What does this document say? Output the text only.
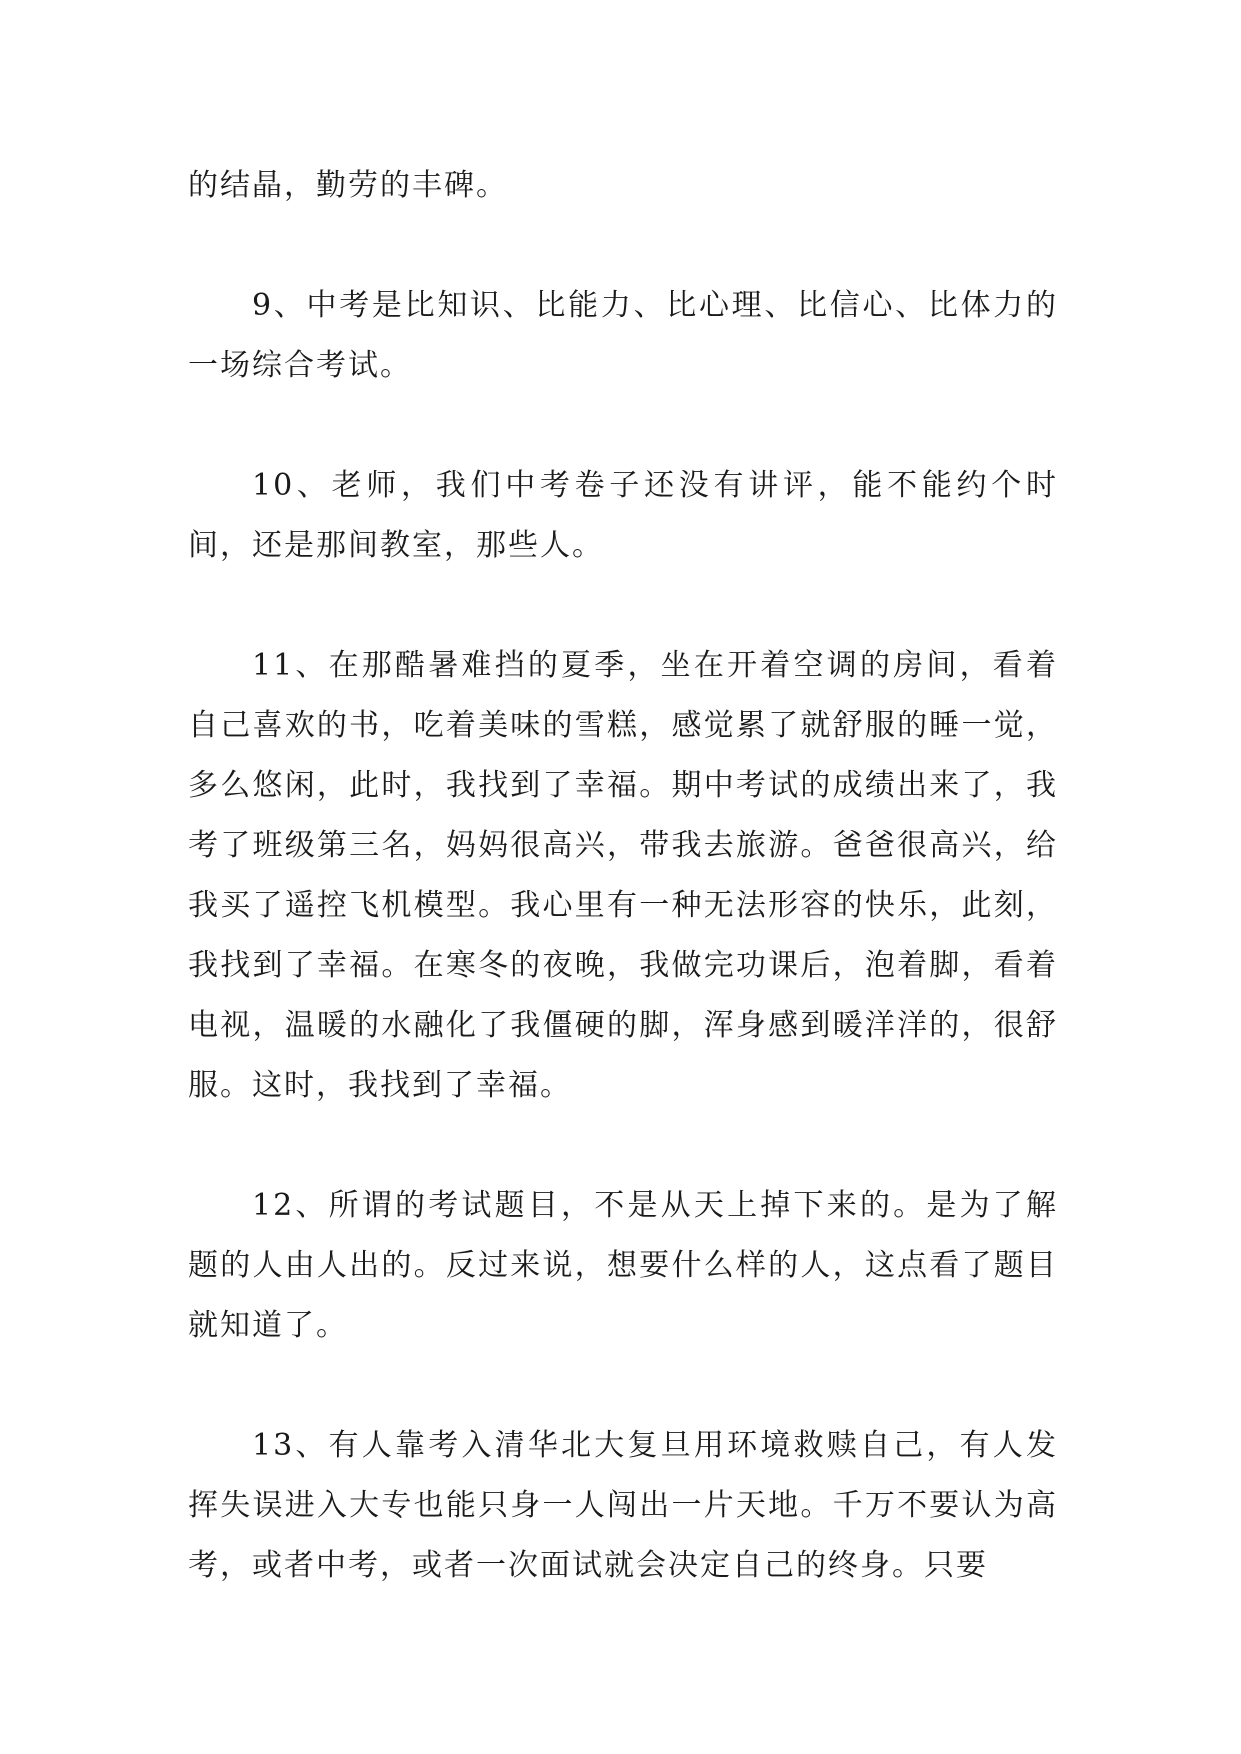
的结晶，勤劳的丰碑。

9、中考是比知识、比能力、比心理、比信心、比体力的一场综合考试。

10、老师，我们中考卷子还没有讲评，能不能约个时间，还是那间教室，那些人。

11、在那酷暑难挡的夏季，坐在开着空调的房间，看着自己喜欢的书，吃着美味的雪糕，感觉累了就舒服的睡一觉，多么悠闲，此时，我找到了幸福。期中考试的成绩出来了，我考了班级第三名，妈妈很高兴，带我去旅游。爸爸很高兴，给我买了遥控飞机模型。我心里有一种无法形容的快乐，此刻，我找到了幸福。在寒冬的夜晚，我做完功课后，泡着脚，看着电视，温暖的水融化了我僵硬的脚，浑身感到暖洋洋的，很舒服。这时，我找到了幸福。

12、所谓的考试题目，不是从天上掉下来的。是为了解题的人由人出的。反过来说，想要什么样的人，这点看了题目就知道了。

13、有人靠考入清华北大复旦用环境救赎自己，有人发挥失误进入大专也能只身一人闯出一片天地。千万不要认为高考，或者中考，或者一次面试就会决定自己的终身。只要
